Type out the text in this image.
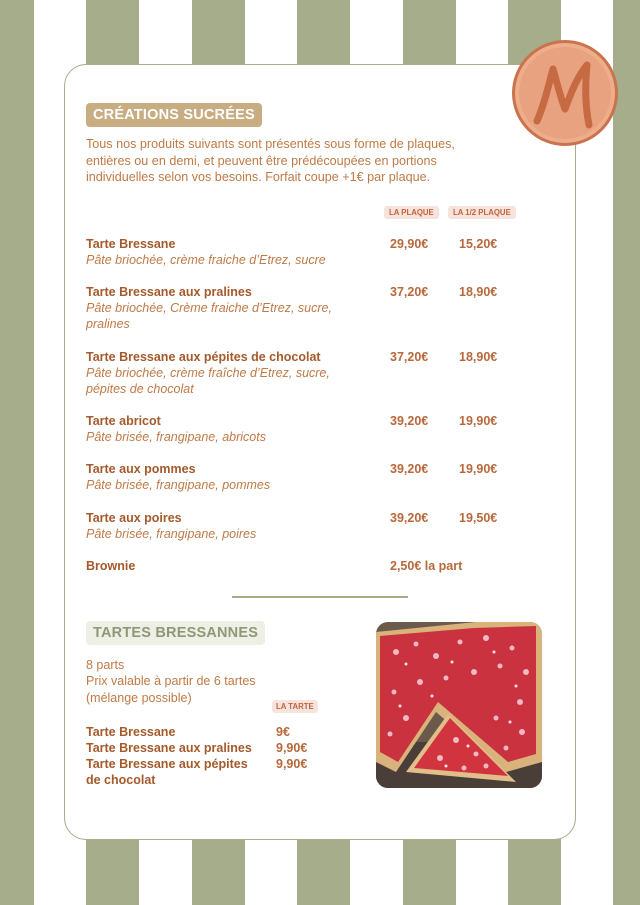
CRÉATIONS SUCRÉES
Tous nos produits suivants sont présentés sous forme de plaques, entières ou en demi, et peuvent être prédécoupées en portions individuelles selon vos besoins. Forfait coupe +1€ par plaque.
LA PLAQUE	LA 1/2 PLAQUE
Tarte Bressane
Pâte briochée, crème fraiche d’Etrez, sucre
29,90€ 15,20€
Tarte Bressane aux pralines
Pâte briochée, Crème fraiche d’Etrez, sucre, pralines
37,20€ 18,90€
Tarte Bressane aux pépites de chocolat
Pâte briochée, crème fraîche d’Etrez, sucre, pépites de chocolat
37,20€ 18,90€
Tarte abricot
Pâte brisée, frangipane, abricots
39,20€ 19,90€
Tarte aux pommes
Pâte brisée, frangipane, pommes
39,20€ 19,90€
Tarte aux poires
Pâte brisée, frangipane, poires
39,20€ 19,50€
Brownie	2,50€ la part
TARTES BRESSANNES
8 parts
Prix valable à partir de 6 tartes (mélange possible)
LA TARTE
Tarte Bressane	9€
Tarte Bressane aux pralines	9,90€
Tarte Bressane aux pépites de chocolat
9,90€
